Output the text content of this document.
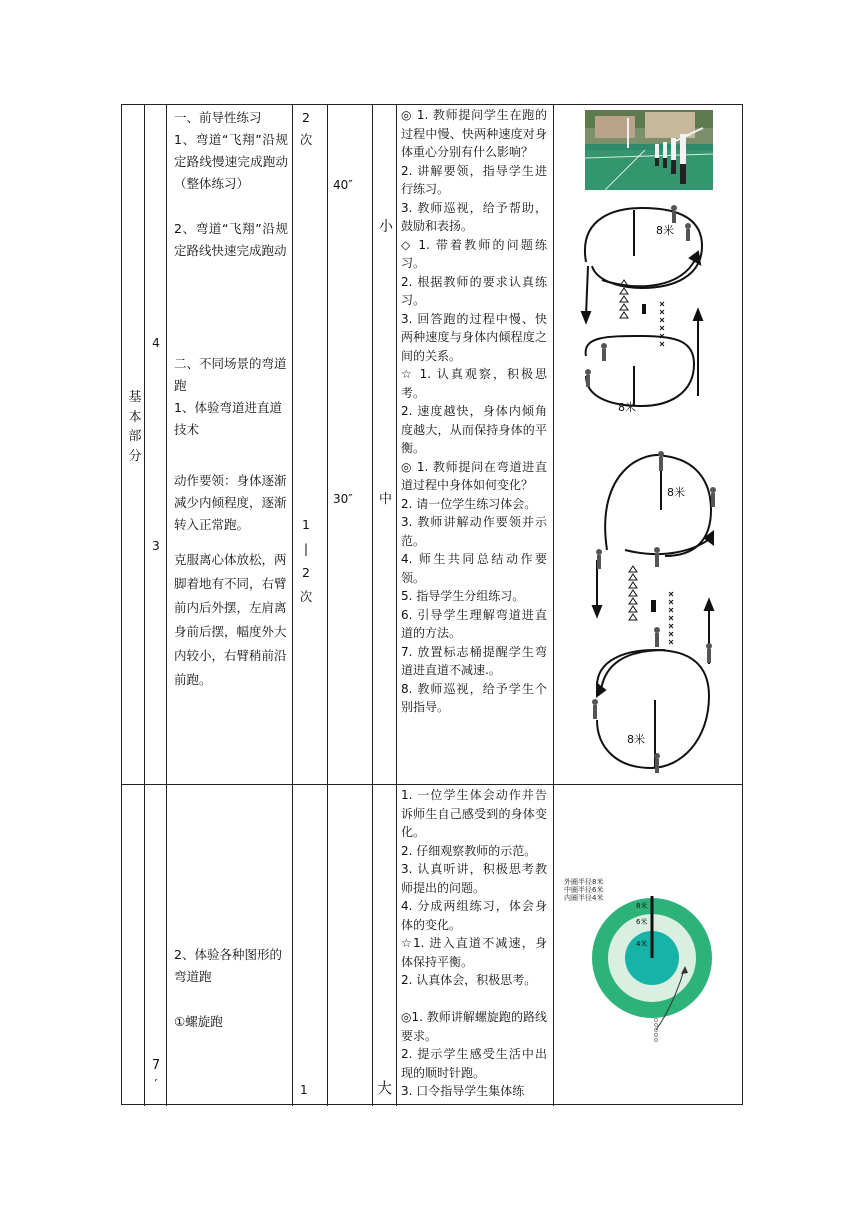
基
本
部
分
4
3

一、前导性练习

1、弯道“飞翔”沿规定路线慢速完成跑动（整体练习）

2、弯道“飞翔”沿规定路线快速完成跑动

二、不同场景的弯道跑

1、体验弯道进直道技术

动作要领：身体逐渐减少内倾程度，逐渐转入正常跑。
克服离心体放松，两脚着地有不同，右臂前内后外摆，左肩离身前后摆，幅度外大内较小，右臂稍前沿前跑。
2
次
1
|
2
次
40″
30″
小
中

◎ 1. 教师提问学生在跑的过程中慢、快两种速度对身体重心分别有什么影响？

2. 讲解要领，指导学生进行练习。

3. 教师巡视，给予帮助，鼓励和表扬。

◇ 1. 带着教师的问题练习。

2. 根据教师的要求认真练习。

3. 回答跑的过程中慢、快两种速度与身体内倾程度之间的关系。

☆ 1. 认真观察，积极思考。

2. 速度越快，身体内倾角度越大，从而保持身体的平衡。

◎ 1. 教师提问在弯道进直道过程中身体如何变化？

2. 请一位学生练习体会。

3. 教师讲解动作要领并示范。

4. 师生共同总结动作要领。

5. 指导学生分组练习。

6. 引导学生理解弯道进直道的方法。

7. 放置标志桶提醒学生弯道进直道不减速.。

8. 教师巡视，给予学生个别指导。

8米
8米
8米
8米
7
′

2、体验各种图形的弯道跑

①螺旋跑
1	大

1. 一位学生体会动作并告诉师生自己感受到的身体变化。

2. 仔细观察教师的示范。

3. 认真听讲，积极思考教师提出的问题。

4. 分成两组练习，体会身体的变化。

☆1. 进入直道不减速，身体保持平衡。

2. 认真体会，积极思考。

◎1. 教师讲解螺旋跑的路线要求。

2. 提示学生感受生活中出现的顺时针跑。

3. 口令指导学生集体练

外圈半径8米
中圈半径6米
内圈半径4米
8米
6米
4米
